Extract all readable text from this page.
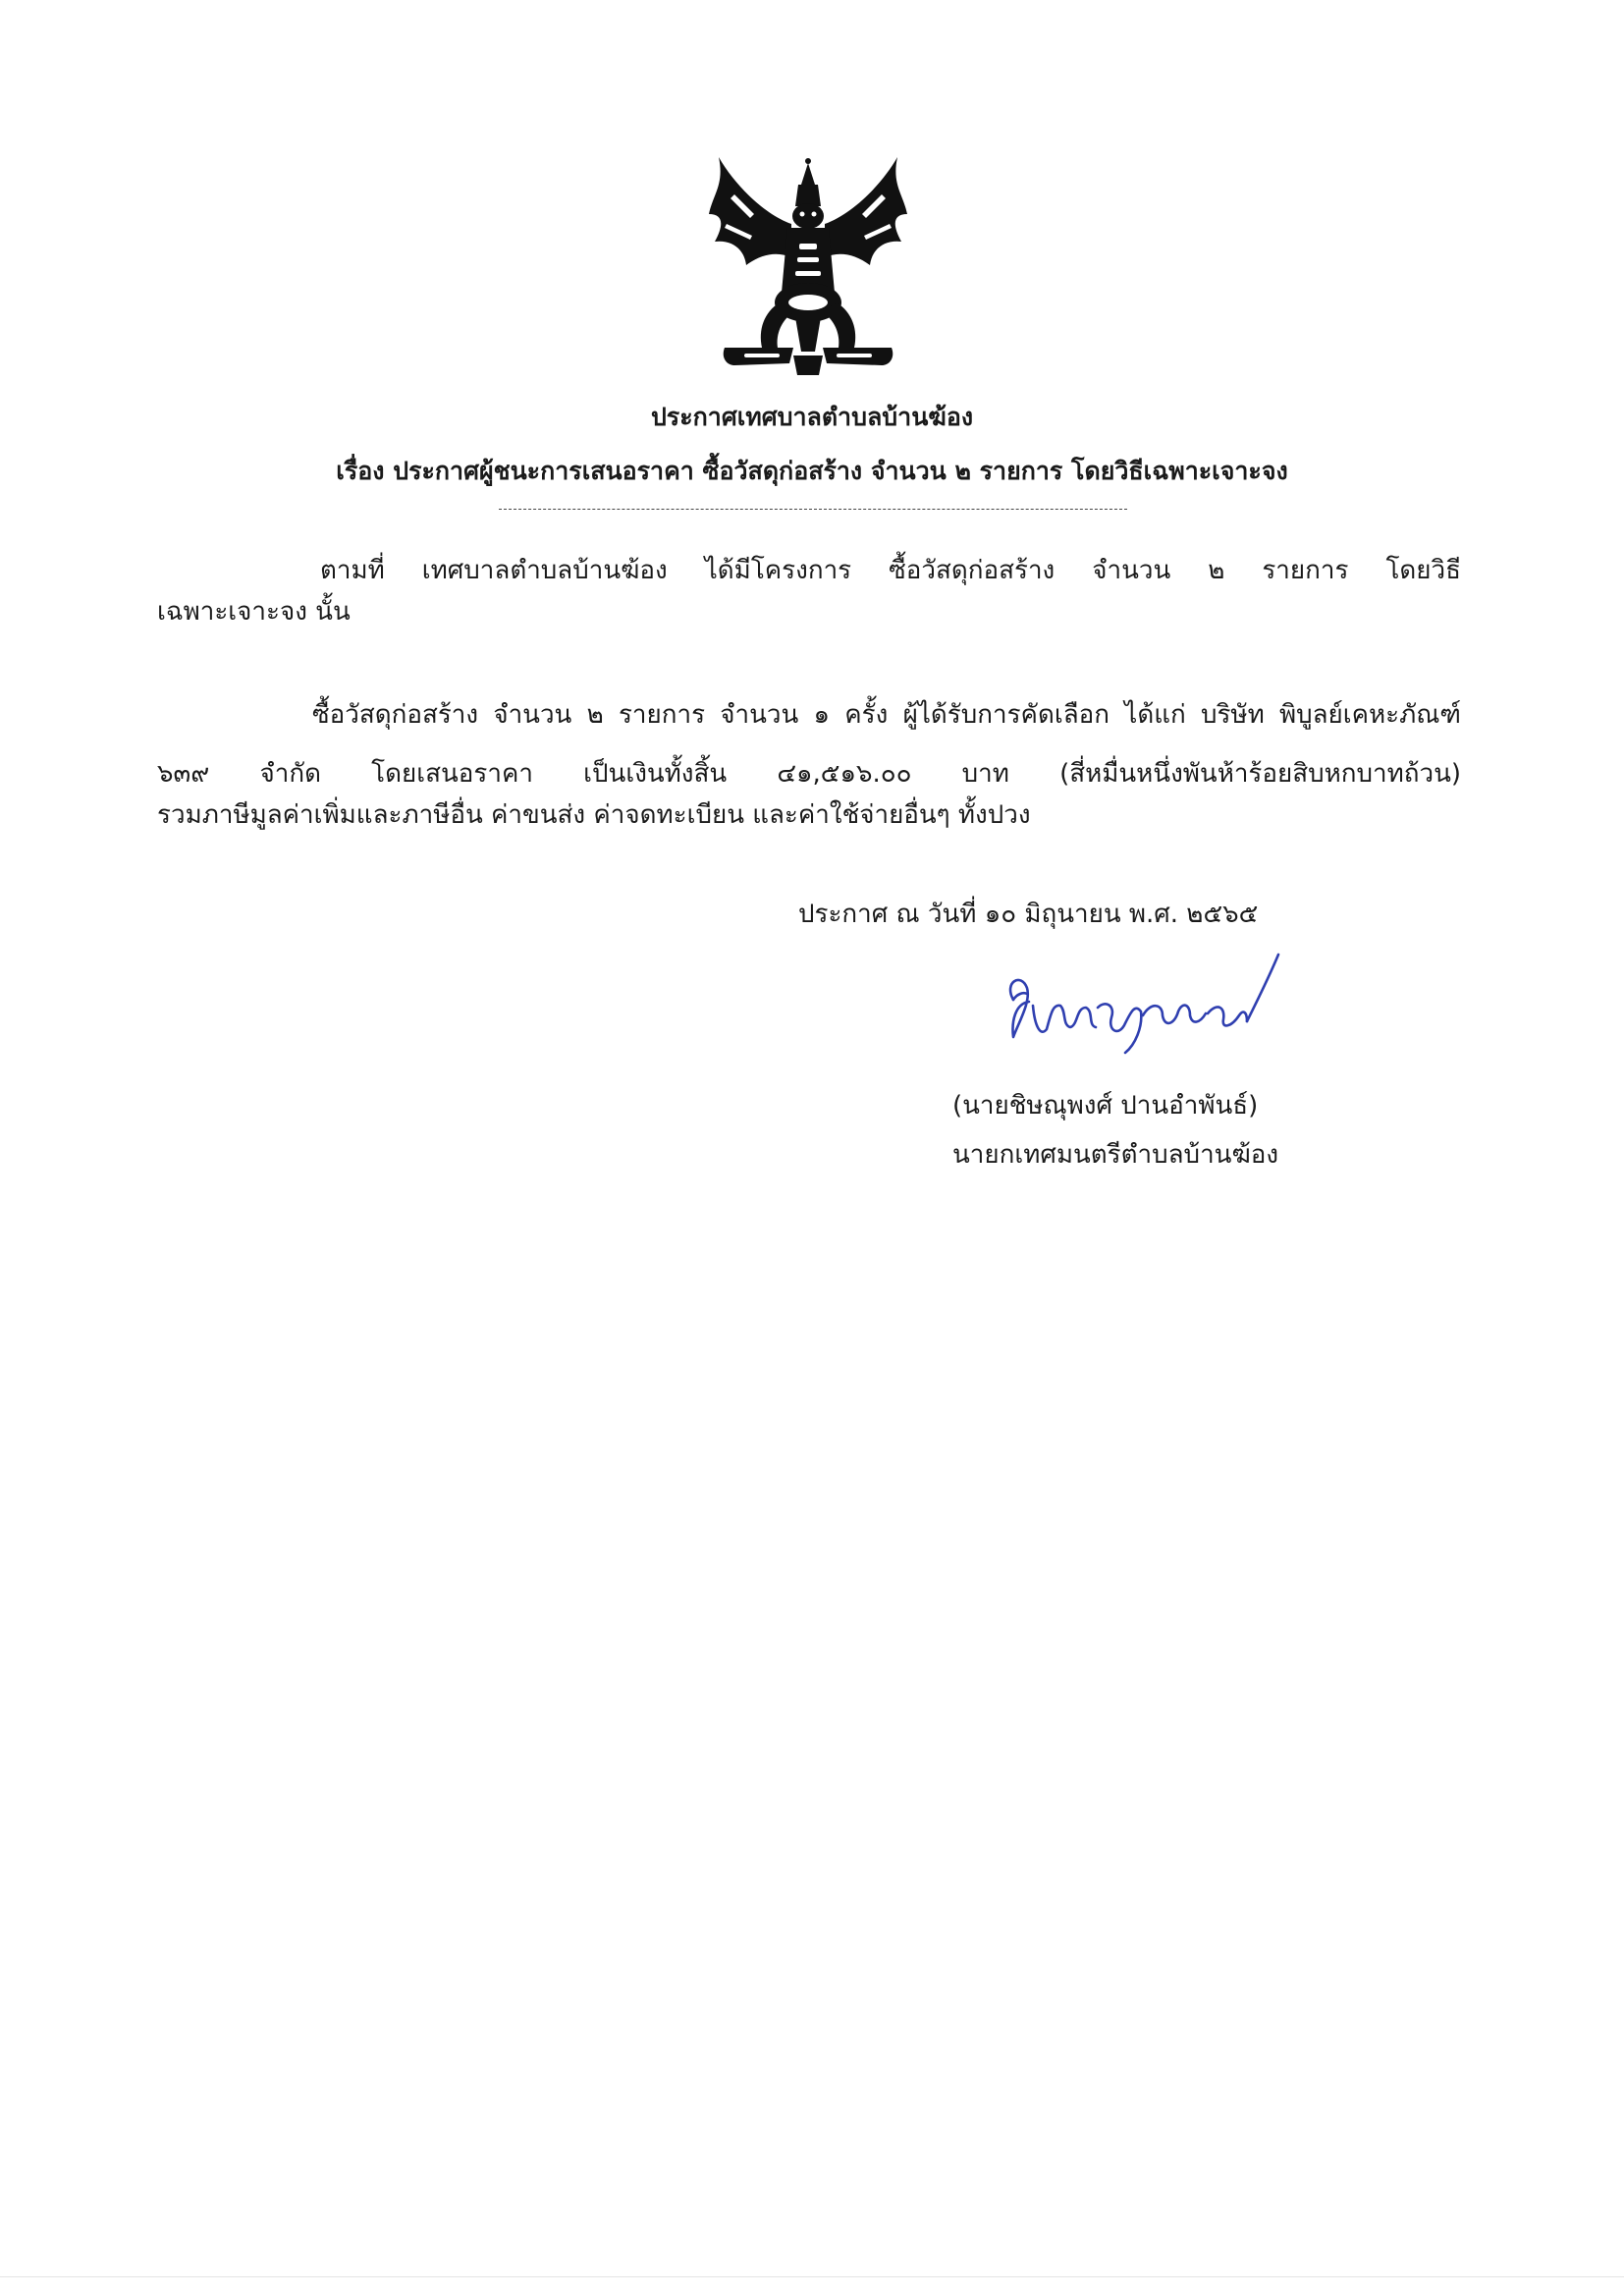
ประกาศเทศบาลตำบลบ้านฆ้อง
เรื่อง ประกาศผู้ชนะการเสนอราคา ซื้อวัสดุก่อสร้าง จำนวน ๒ รายการ โดยวิธีเฉพาะเจาะจง
ตามที่ เทศบาลตำบลบ้านฆ้อง ได้มีโครงการ ซื้อวัสดุก่อสร้าง จำนวน ๒ รายการ โดยวิธี
เฉพาะเจาะจง นั้น
ซื้อวัสดุก่อสร้าง จำนวน ๒ รายการ จำนวน ๑ ครั้ง ผู้ได้รับการคัดเลือก ได้แก่ บริษัท พิบูลย์เคหะภัณฑ์
๖๓๙ จำกัด โดยเสนอราคา เป็นเงินทั้งสิ้น ๔๑,๕๑๖.๐๐ บาท (สี่หมื่นหนึ่งพันห้าร้อยสิบหกบาทถ้วน)
รวมภาษีมูลค่าเพิ่มและภาษีอื่น ค่าขนส่ง ค่าจดทะเบียน และค่าใช้จ่ายอื่นๆ ทั้งปวง
ประกาศ ณ วันที่ ๑๐ มิถุนายน พ.ศ. ๒๕๖๕
(นายชิษณุพงศ์ ปานอำพันธ์)
นายกเทศมนตรีตำบลบ้านฆ้อง
